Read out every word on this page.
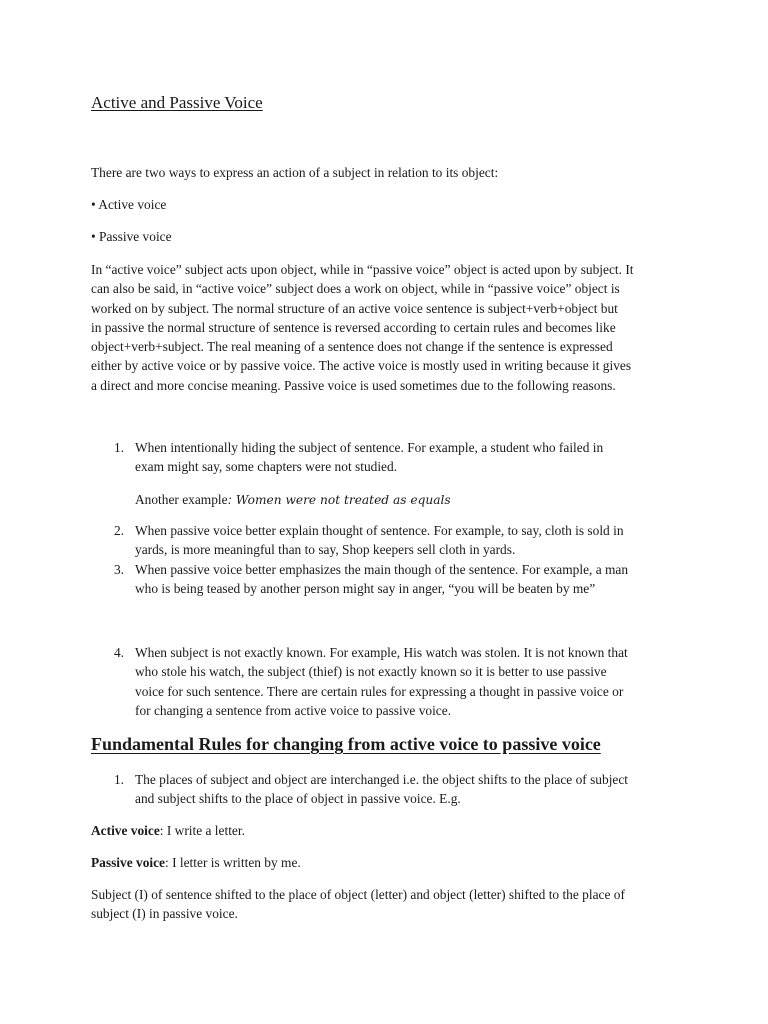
Active and Passive Voice
There are two ways to express an action of a subject in relation to its object:
• Active voice
• Passive voice
In “active voice” subject acts upon object, while in “passive voice” object is acted upon by subject. It
can also be said, in “active voice” subject does a work on object, while in “passive voice” object is
worked on by subject. The normal structure of an active voice sentence is subject+verb+object but
in passive the normal structure of sentence is reversed according to certain rules and becomes like
object+verb+subject. The real meaning of a sentence does not change if the sentence is expressed
either by active voice or by passive voice. The active voice is mostly used in writing because it gives
a direct and more concise meaning. Passive voice is used sometimes due to the following reasons.
1. When intentionally hiding the subject of sentence. For example, a student who failed in
exam might say, some chapters were not studied.
Another example: Women were not treated as equals
2. When passive voice better explain thought of sentence. For example, to say, cloth is sold in
yards, is more meaningful than to say, Shop keepers sell cloth in yards.
3. When passive voice better emphasizes the main though of the sentence. For example, a man
who is being teased by another person might say in anger, “you will be beaten by me”
4. When subject is not exactly known. For example, His watch was stolen. It is not known that
who stole his watch, the subject (thief) is not exactly known so it is better to use passive
voice for such sentence. There are certain rules for expressing a thought in passive voice or
for changing a sentence from active voice to passive voice.
Fundamental Rules for changing from active voice to passive voice
1. The places of subject and object are interchanged i.e. the object shifts to the place of subject
and subject shifts to the place of object in passive voice. E.g.
Active voice: I write a letter.
Passive voice: I letter is written by me.
Subject (I) of sentence shifted to the place of object (letter) and object (letter) shifted to the place of
subject (I) in passive voice.
